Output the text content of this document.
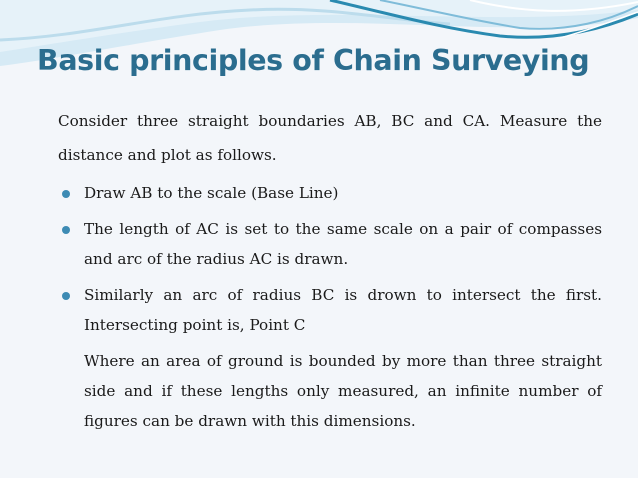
Basic principles of Chain Surveying

Consider three straight boundaries AB, BC and CA. Measure the distance and plot as follows.

Draw AB to the scale (Base Line)
The length of AC is set to the same scale on a pair of compasses and arc of the radius AC is drawn.
Similarly an arc of radius BC is drown to intersect the first. Intersecting point is, Point C

Where an area of ground is bounded by more than three straight side and if these lengths only measured, an infinite number of figures can be drawn with this dimensions.
